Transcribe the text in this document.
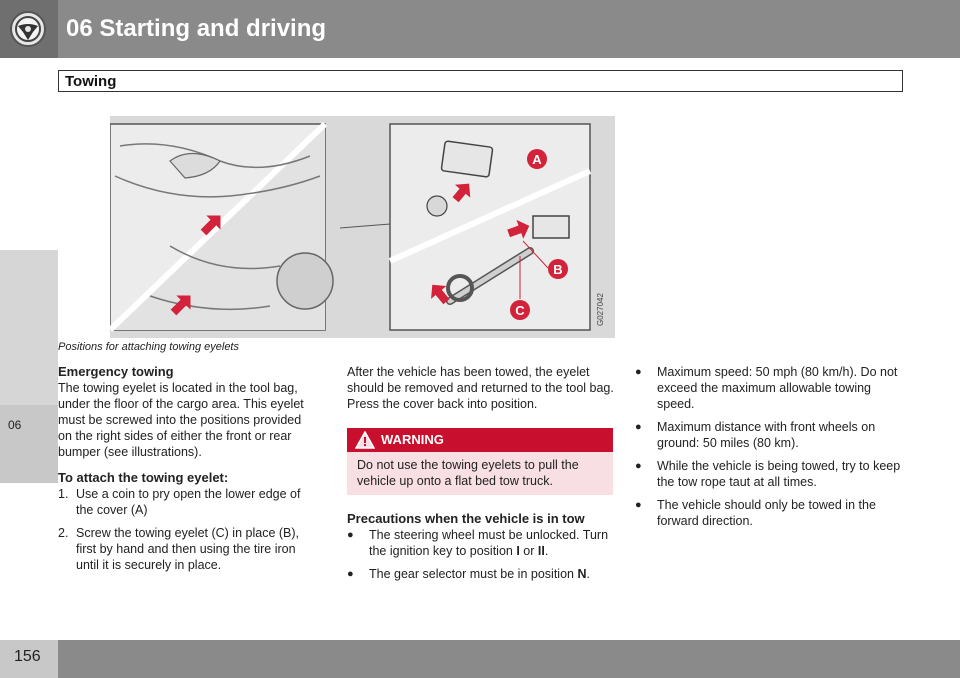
06 Starting and driving
Towing
06
A
B
C	G027042
Positions for attaching towing eyelets
Emergency towing

The towing eyelet is located in the tool bag, under the floor of the cargo area. This eyelet must be screwed into the positions provided on the right sides of either the front or rear bumper (see illustrations).

To attach the towing eyelet:
1. Use a coin to pry open the lower edge of the cover (A)
2. Screw the towing eyelet (C) in place (B), first by hand and then using the tire iron until it is securely in place.

After the vehicle has been towed, the eyelet should be removed and returned to the tool bag. Press the cover back into position.

WARNING
Do not use the towing eyelets to pull the vehicle up onto a flat bed tow truck.
Precautions when the vehicle is in tow
●	The steering wheel must be unlocked. Turn the ignition key to position I or II.
●	The gear selector must be in position N.
●	Maximum speed: 50 mph (80 km/h). Do not exceed the maximum allowable towing speed.
●	Maximum distance with front wheels on ground: 50 miles (80 km).
●	While the vehicle is being towed, try to keep the tow rope taut at all times.
●	The vehicle should only be towed in the forward direction.
156
